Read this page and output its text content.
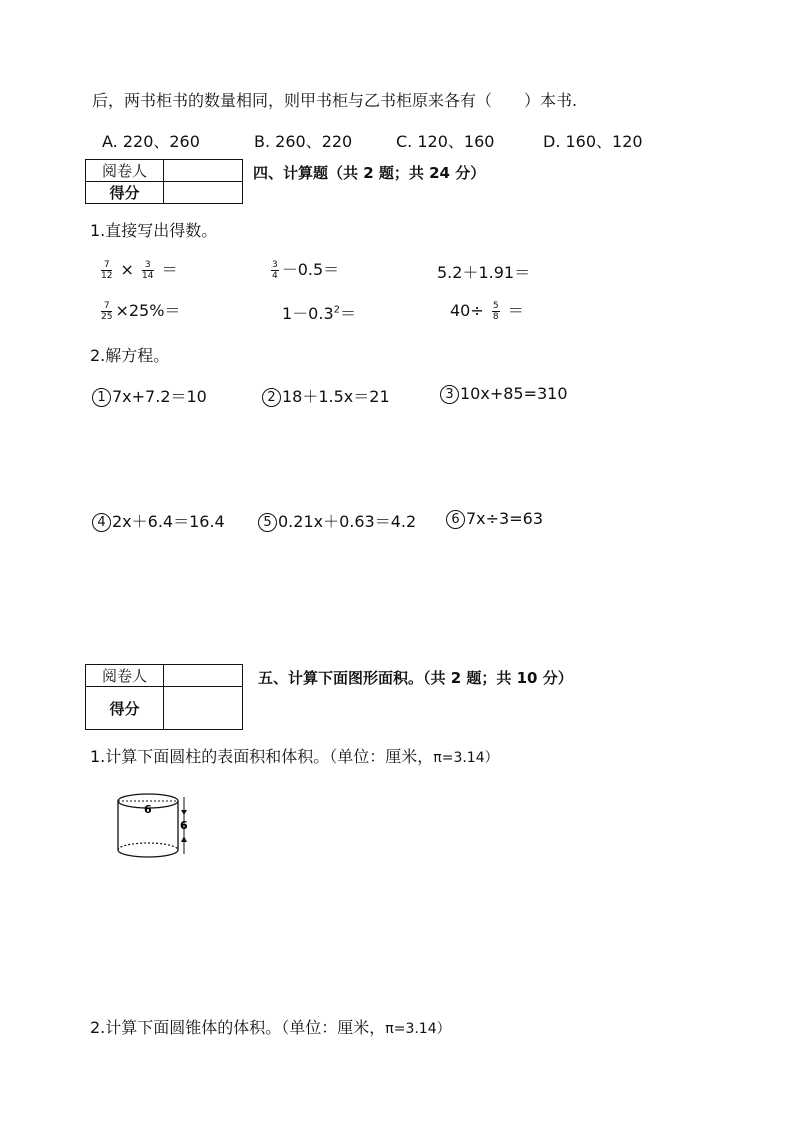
后，两书柜书的数量相同，则甲书柜与乙书柜原来各有（　　）本书.
A. 220、260	B. 260、220	C. 120、160	D. 160、120
阅卷人	
得分	
四、计算题（共 2 题；共 24 分）
1.直接写出得数。
$\frac{7}{12} \times \frac{3}{14}$ ＝	$\frac{3}{4} -0.5=$	5.2＋1.91＝
$\frac{7}{25} \times 25\%=$	$1-0.3^2=$	$40\div \frac{5}{8}$ ＝
2.解方程。
1 7x+7.2＝10	2 18＋1.5x＝21	3 10x+85=310
4 2x＋6.4＝16.4	5 0.21x＋0.63＝4.2	6 7x÷3=63
阅卷人	
得分	
五、计算下面图形面积。（共 2 题；共 10 分）
1.计算下面圆柱的表面积和体积。（单位：厘米，π=3.14）
6
6
2.计算下面圆锥体的体积。（单位：厘米，π=3.14）
